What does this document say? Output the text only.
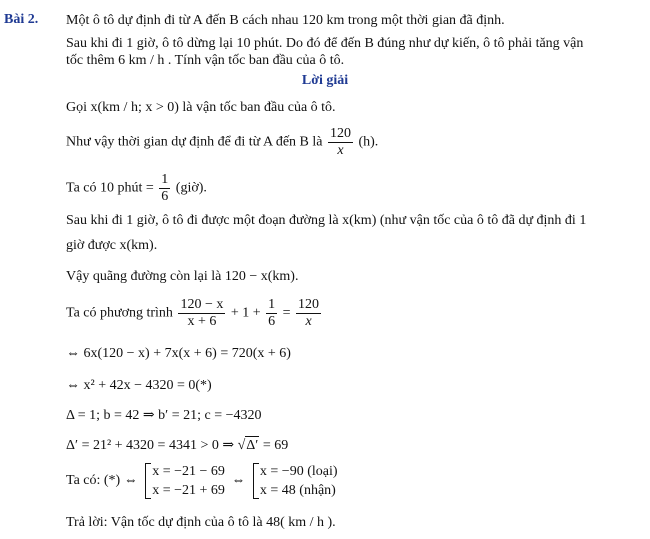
Bài 2. Một ô tô dự định đi từ A đến B cách nhau 120 km trong một thời gian đã định.
Sau khi đi 1 giờ, ô tô dừng lại 10 phút. Do đó để đến B đúng như dự kiến, ô tô phải tăng vận
tốc thêm 6 km / h . Tính vận tốc ban đầu của ô tô.
Lời giải
Gọi x(km / h; x > 0) là vận tốc ban đầu của ô tô.
Như vậy thời gian dự định để đi từ A đến B là $\frac{120}{x} (h)$.
Ta có 10 phút = $\frac{1}{6}$ (giờ).
Sau khi đi 1 giờ, ô tô đi được một đoạn đường là x(km) (như vận tốc của ô tô đã dự định đi 1
giờ được x(km).
Vậy quãng đường còn lại là 120 − x(km).
Ta có phương trình $\frac{120 - x}{x + 6} + 1 + \frac{1}{6} = \frac{120}{x}$
⇔ 6x(120 − x) + 7x(x + 6) = 720(x + 6)
⇔ x² + 42x − 4320 = 0(*)
Δ = 1; b = 42 ⇒ b′ = 21; c = −4320
Δ′ = 21² + 4320 = 4341 > 0 ⇒ √Δ′ = 69
Ta có: (*) ⇔
x = −21 − 69
x = −21 + 69
⇔
x = −90 (loại)
x = 48 (nhận)
Trả lời: Vận tốc dự định của ô tô là 48( km / h ).
